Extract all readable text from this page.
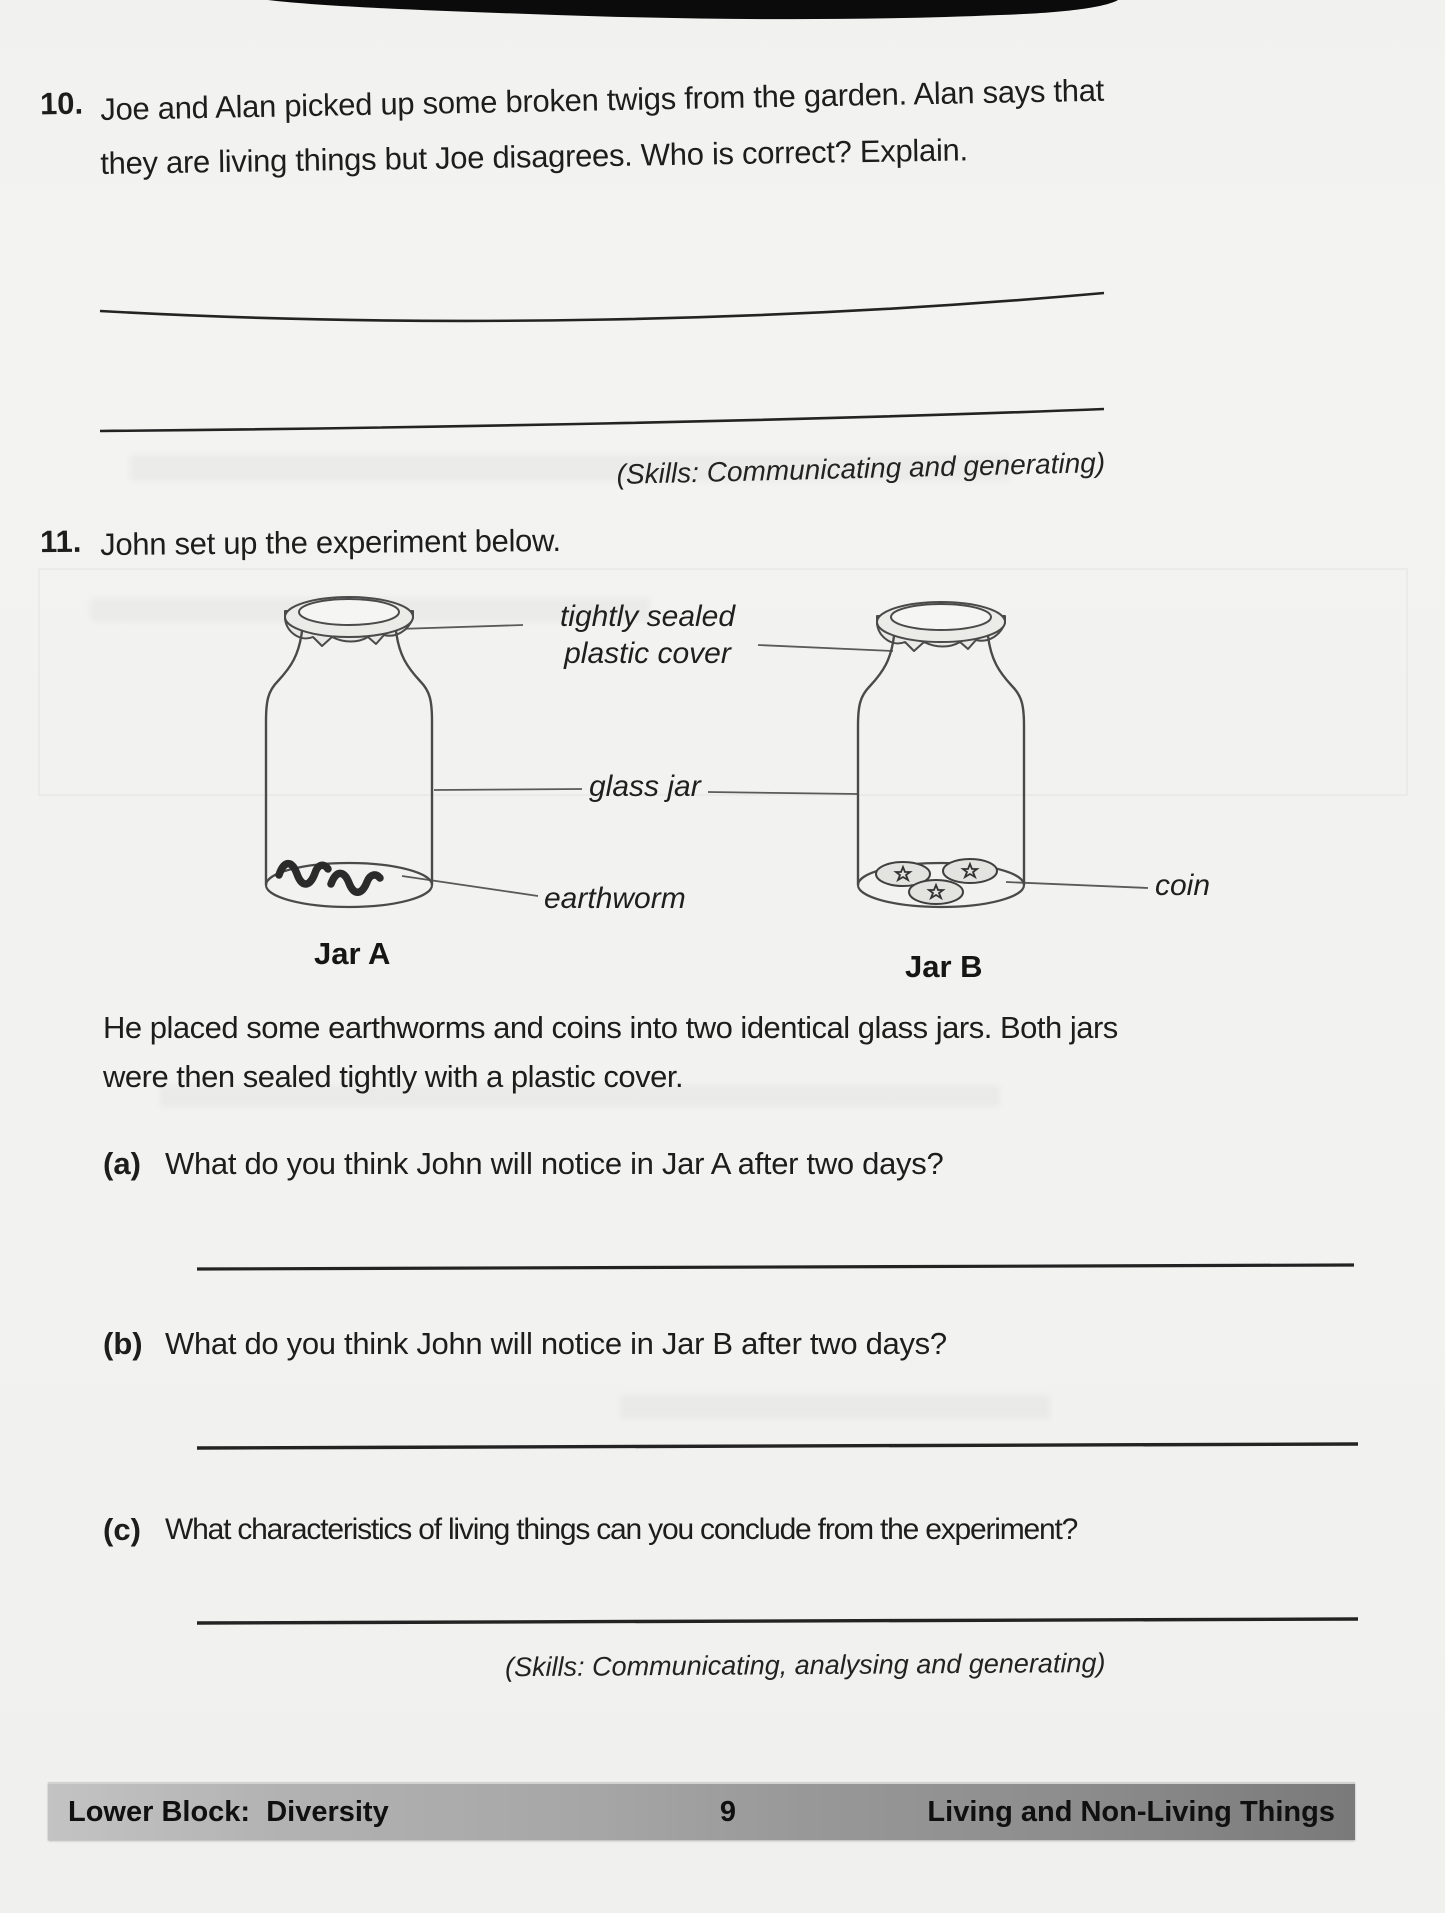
10. Joe and Alan picked up some broken twigs from the garden. Alan says that
they are living things but Joe disagrees. Who is correct? Explain.
(Skills: Communicating and generating)
11. John set up the experiment below.
tightly sealed
plastic cover
glass jar
earthworm	coin
Jar A	Jar B
He placed some earthworms and coins into two identical glass jars. Both jars
were then sealed tightly with a plastic cover.
(a) What do you think John will notice in Jar A after two days?
(b) What do you think John will notice in Jar B after two days?
(c) What characteristics of living things can you conclude from the experiment?
(Skills: Communicating, analysing and generating)
Lower Block:  Diversity	9	Living and Non-Living Things
